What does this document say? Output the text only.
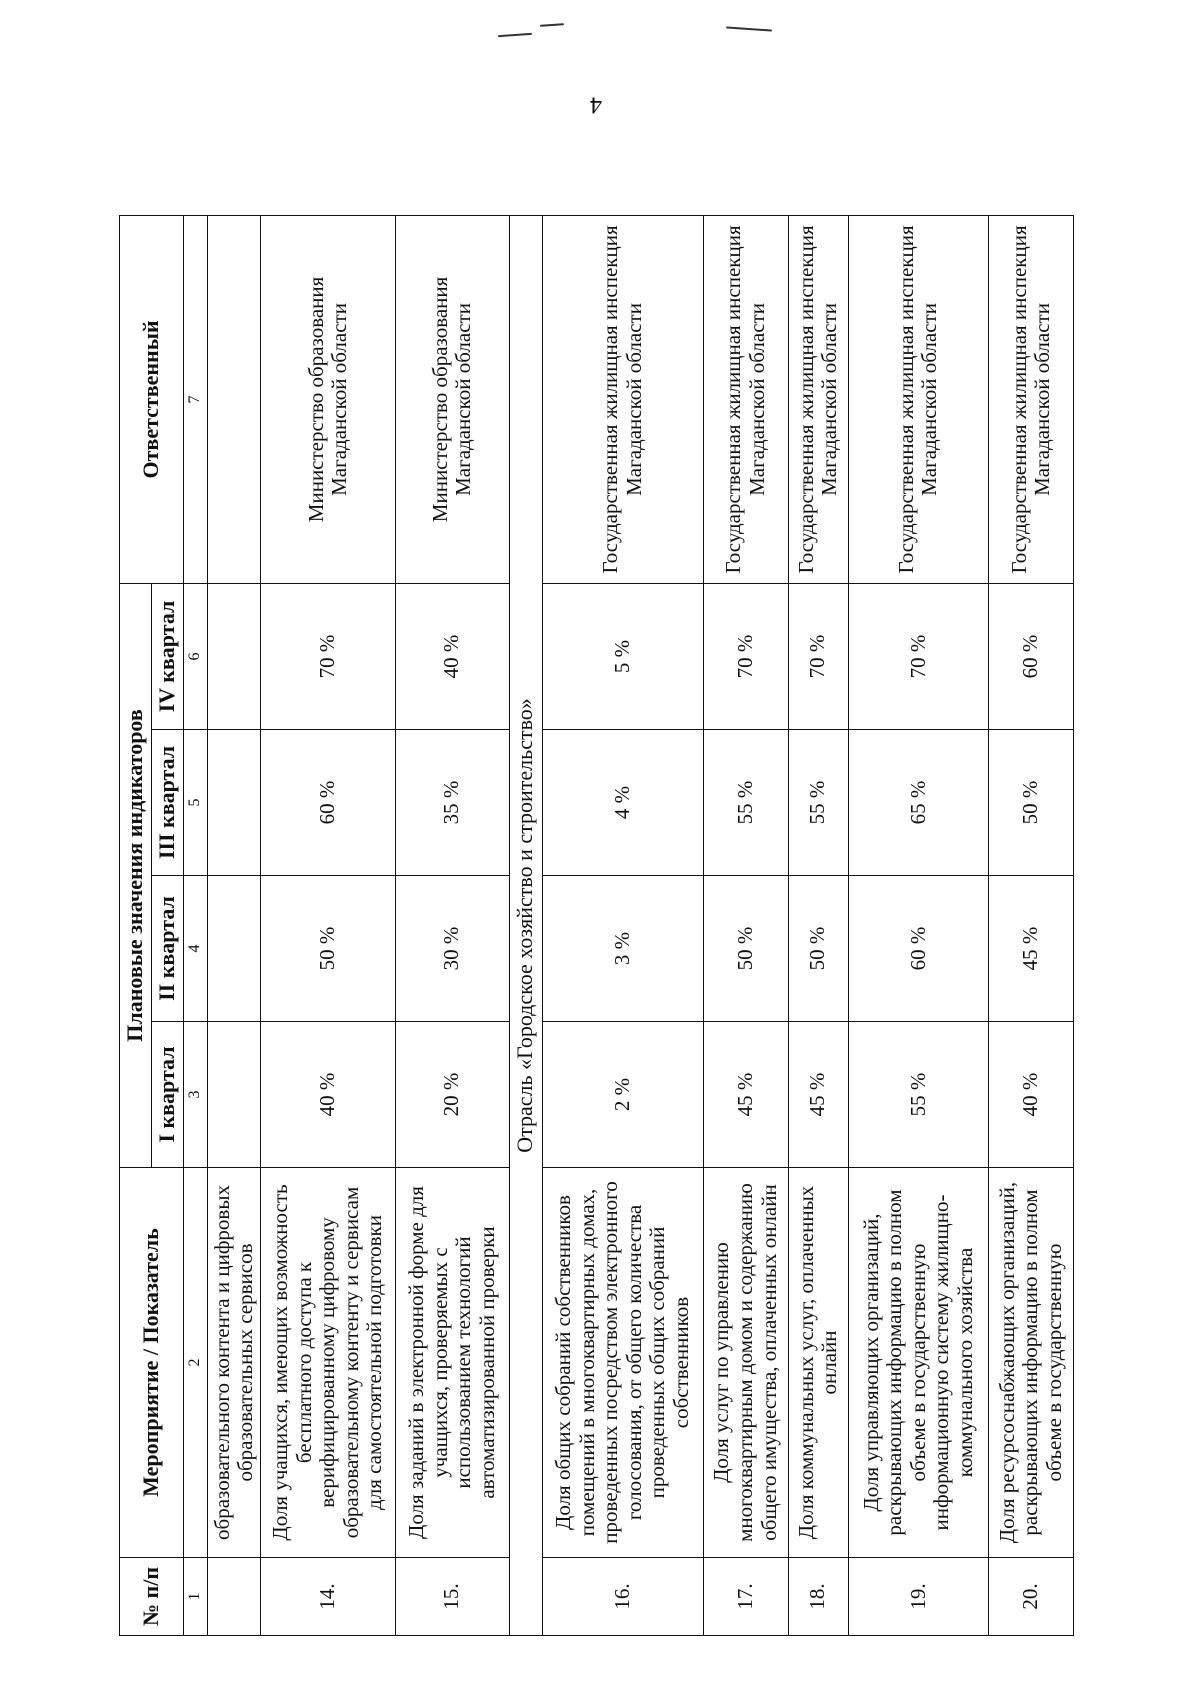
4
№ п/п	Мероприятие / Показатель	Плановые значения индикаторов				Ответственный
		I квартал	II квартал	III квартал	IV квартал	
1	2	3	4	5	6	7
	образовательного контента и цифровых образовательных сервисов					
14.	Доля учащихся, имеющих возможность бесплатного доступа к верифицированному цифровому образовательному контенту и сервисам для самостоятельной подготовки	40 %	50 %	60 %	70 %	Министерство образования Магаданской области
15.	Доля заданий в электронной форме для учащихся, проверяемых с использованием технологий автоматизированной проверки	20 %	30 %	35 %	40 %	Министерство образования Магаданской области
Отрасль «Городское хозяйство и строительство»						
16.	Доля общих собраний собственников помещений в многоквартирных домах, проведенных посредством электронного голосования, от общего количества проведенных общих собраний собственников	2 %	3 %	4 %	5 %	Государственная жилищная инспекция Магаданской области
17.	Доля услуг по управлению многоквартирным домом и содержанию общего имущества, оплаченных онлайн	45 %	50 %	55 %	70 %	Государственная жилищная инспекция Магаданской области
18.	Доля коммунальных услуг, оплаченных онлайн	45 %	50 %	55 %	70 %	Государственная жилищная инспекция Магаданской области
19.	Доля управляющих организаций, раскрывающих информацию в полном объеме в государственную информационную систему жилищно-коммунального хозяйства	55 %	60 %	65 %	70 %	Государственная жилищная инспекция Магаданской области
20.	Доля ресурсоснабжающих организаций, раскрывающих информацию в полном объеме в государственную	40 %	45 %	50 %	60 %	Государственная жилищная инспекция Магаданской области
